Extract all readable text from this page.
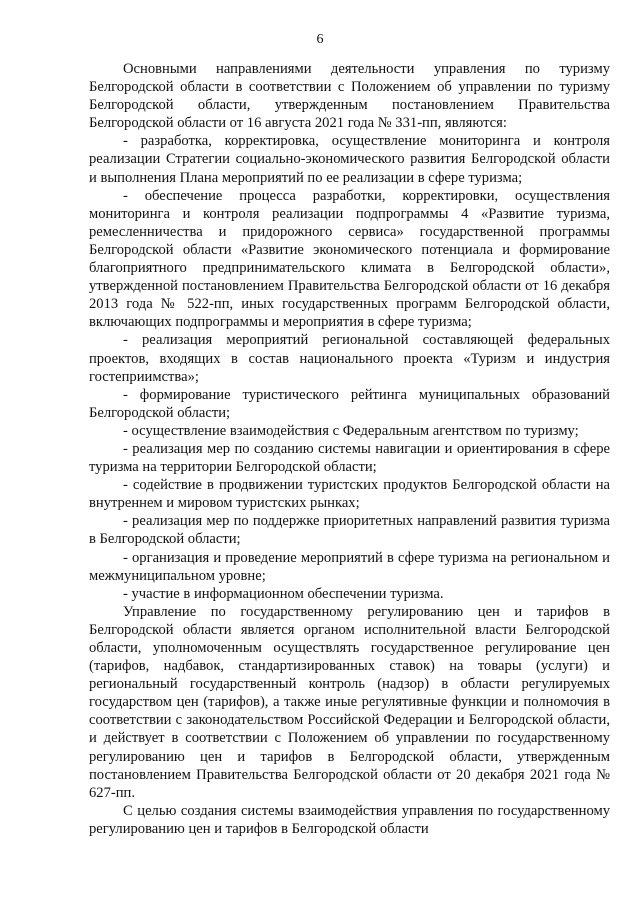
6

Основными направлениями деятельности управления по туризму Белгородской области в соответствии с Положением об управлении по туризму Белгородской области, утвержденным постановлением Правительства Белгородской области от 16 августа 2021 года № 331-пп, являются:

- разработка, корректировка, осуществление мониторинга и контроля реализации Стратегии социально-экономического развития Белгородской области и выполнения Плана мероприятий по ее реализации в сфере туризма;

- обеспечение процесса разработки, корректировки, осуществления мониторинга и контроля реализации подпрограммы 4 «Развитие туризма, ремесленничества и придорожного сервиса» государственной программы Белгородской области «Развитие экономического потенциала и формирование благоприятного предпринимательского климата в Белгородской области», утвержденной постановлением Правительства Белгородской области от 16 декабря 2013 года № 522-пп, иных государственных программ Белгородской области, включающих подпрограммы и мероприятия в сфере туризма;

- реализация мероприятий региональной составляющей федеральных проектов, входящих в состав национального проекта «Туризм и индустрия гостеприимства»;

- формирование туристического рейтинга муниципальных образований Белгородской области;

- осуществление взаимодействия с Федеральным агентством по туризму;

- реализация мер по созданию системы навигации и ориентирования в сфере туризма на территории Белгородской области;

- содействие в продвижении туристских продуктов Белгородской области на внутреннем и мировом туристских рынках;

- реализация мер по поддержке приоритетных направлений развития туризма в Белгородской области;

- организация и проведение мероприятий в сфере туризма на региональном и межмуниципальном уровне;

- участие в информационном обеспечении туризма.

Управление по государственному регулированию цен и тарифов в Белгородской области является органом исполнительной власти Белгородской области, уполномоченным осуществлять государственное регулирование цен (тарифов, надбавок, стандартизированных ставок) на товары (услуги) и региональный государственный контроль (надзор) в области регулируемых государством цен (тарифов), а также иные регулятивные функции и полномочия в соответствии с законодательством Российской Федерации и Белгородской области, и действует в соответствии с Положением об управлении по государственному регулированию цен и тарифов в Белгородской области, утвержденным постановлением Правительства Белгородской области от 20 декабря 2021 года № 627-пп.

С целью создания системы взаимодействия управления по государственному регулированию цен и тарифов в Белгородской области
